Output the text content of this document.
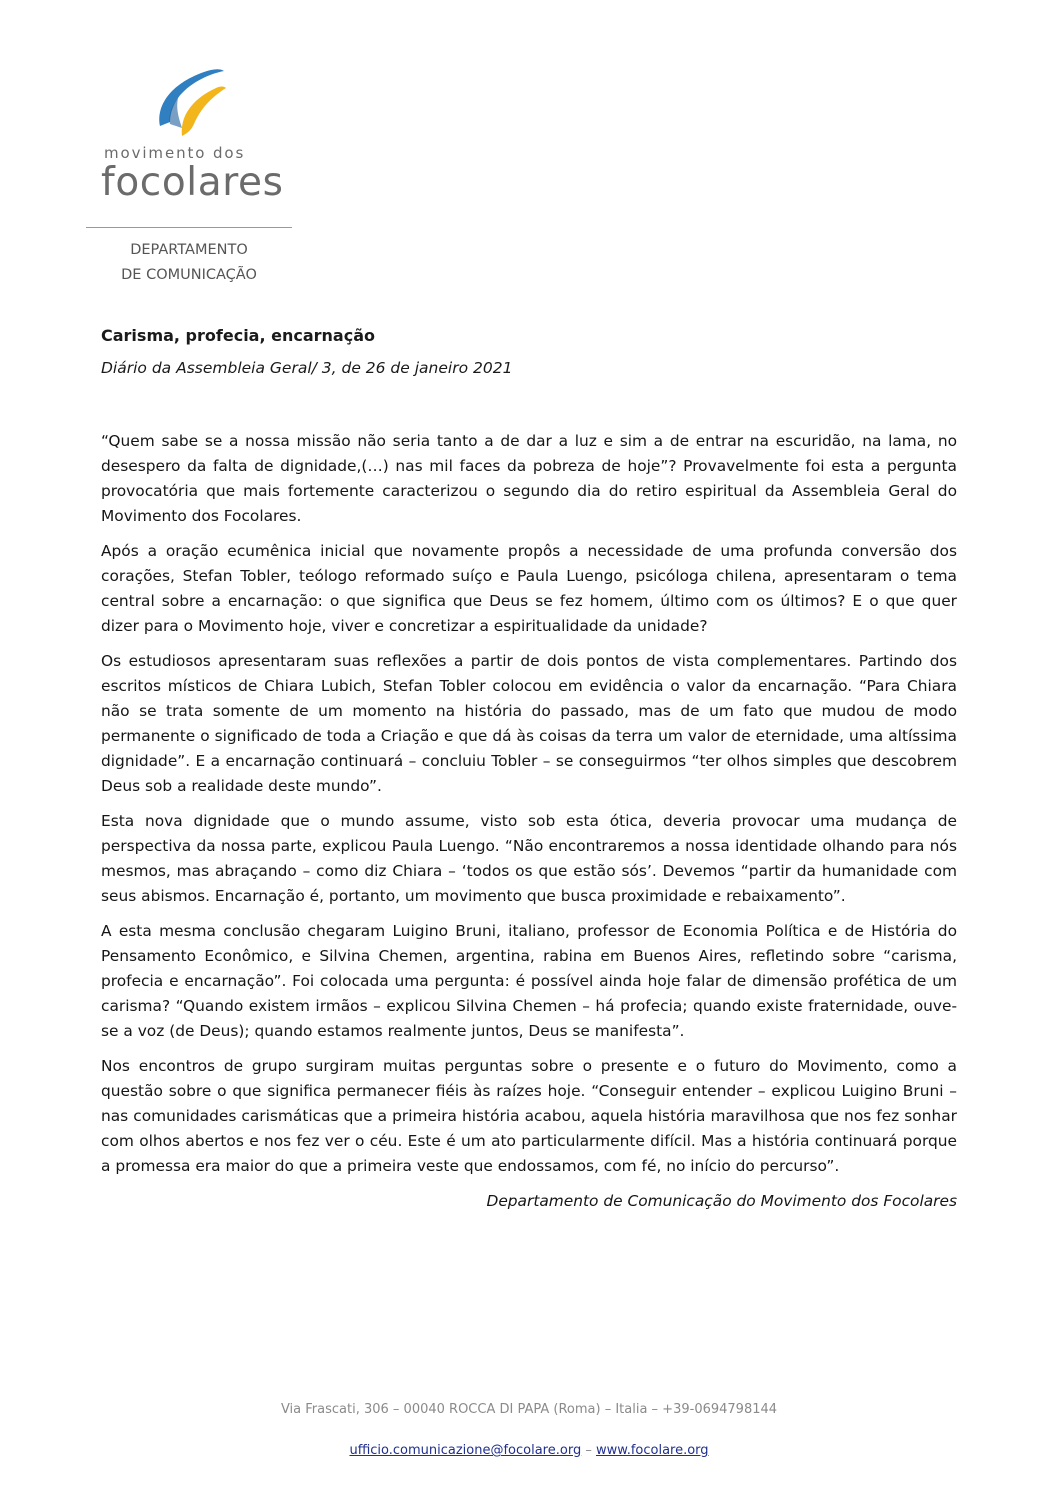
movimento dos
focolares
DEPARTAMENTO
DE COMUNICAÇÃO
Carisma, profecia, encarnação
Diário da Assembleia Geral/ 3, de 26 de janeiro 2021

“Quem sabe se a nossa missão não seria tanto a de dar a luz e sim a de entrar na escuridão, na lama, no desespero da falta de dignidade,(…) nas mil faces da pobreza de hoje”? Provavelmente foi esta a pergunta provocatória que mais fortemente caracterizou o segundo dia do retiro espiritual da Assembleia Geral do Movimento dos Focolares.

Após a oração ecumênica inicial que novamente propôs a necessidade de uma profunda conversão dos corações, Stefan Tobler, teólogo reformado suíço e Paula Luengo, psicóloga chilena, apresentaram o tema central sobre a encarnação: o que significa que Deus se fez homem, último com os últimos? E o que quer dizer para o Movimento hoje, viver e concretizar a espiritualidade da unidade?

Os estudiosos apresentaram suas reflexões a partir de dois pontos de vista complementares. Partindo dos escritos místicos de Chiara Lubich, Stefan Tobler colocou em evidência o valor da encarnação. “Para Chiara não se trata somente de um momento na história do passado, mas de um fato que mudou de modo permanente o significado de toda a Criação e que dá às coisas da terra um valor de eternidade, uma altíssima dignidade”. E a encarnação continuará – concluiu Tobler – se conseguirmos “ter olhos simples que descobrem Deus sob a realidade deste mundo”.

Esta nova dignidade que o mundo assume, visto sob esta ótica, deveria provocar uma mudança de perspectiva da nossa parte, explicou Paula Luengo. “Não encontraremos a nossa identidade olhando para nós mesmos, mas abraçando – como diz Chiara – ‘todos os que estão sós’. Devemos “partir da humanidade com seus abismos. Encarnação é, portanto, um movimento que busca proximidade e rebaixamento”.

A esta mesma conclusão chegaram Luigino Bruni, italiano, professor de Economia Política e de História do Pensamento Econômico, e Silvina Chemen, argentina, rabina em Buenos Aires, refletindo sobre “carisma, profecia e encarnação”. Foi colocada uma pergunta: é possível ainda hoje falar de dimensão profética de um carisma? “Quando existem irmãos – explicou Silvina Chemen – há profecia; quando existe fraternidade, ouve-se a voz (de Deus); quando estamos realmente juntos, Deus se manifesta”.

Nos encontros de grupo surgiram muitas perguntas sobre o presente e o futuro do Movimento, como a questão sobre o que significa permanecer fiéis às raízes hoje. “Conseguir entender – explicou Luigino Bruni – nas comunidades carismáticas que a primeira história acabou, aquela história maravilhosa que nos fez sonhar com olhos abertos e nos fez ver o céu. Este é um ato particularmente difícil. Mas a história continuará porque a promessa era maior do que a primeira veste que endossamos, com fé, no início do percurso”.

Departamento de Comunicação do Movimento dos Focolares
Via Frascati, 306 – 00040 ROCCA DI PAPA (Roma) – Italia – +39-0694798144
ufficio.comunicazione@focolare.org – www.focolare.org
